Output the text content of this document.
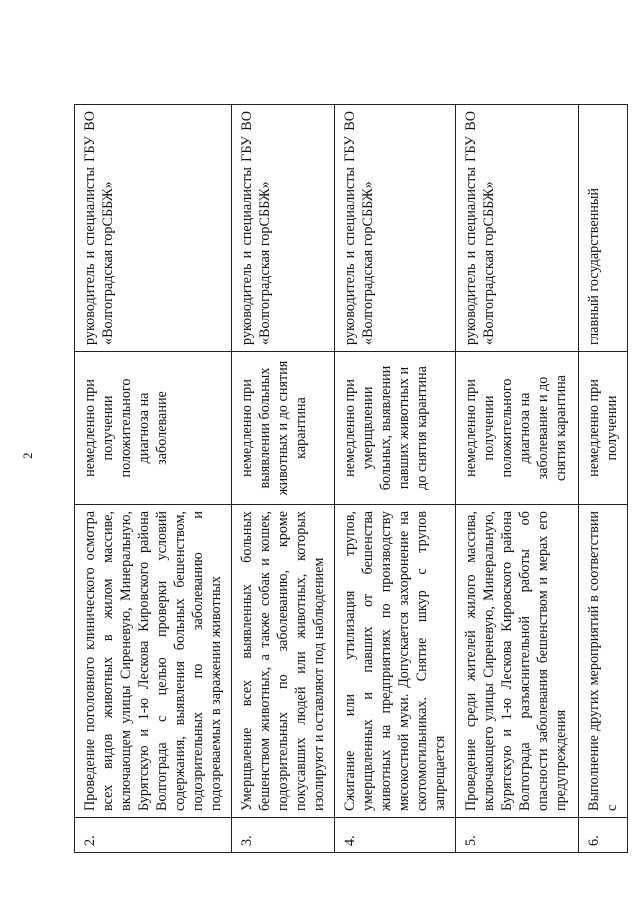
2
2.	Проведение поголовного клинического осмотра всех видов животных в жилом массиве, включающем улицы Сиреневую, Минеральную, Бурятскую и 1-ю Лескова Кировского района Волгограда с целью проверки условий содержания, выявления больных бешенством, подозрительных по заболеванию и подозреваемых в заражении животных	немедленно при получении положительного диагноза на заболевание	руководитель и специалисты ГБУ ВО «Волгоградская горСББЖ»
3.	Умерщвление всех выявленных больных бешенством животных, а также собак и кошек, подозрительных по заболеванию, кроме покусавших людей или животных, которых изолируют и оставляют под наблюдением	немедленно при выявлении больных животных и до снятия карантина	руководитель и специалисты ГБУ ВО «Волгоградская горСББЖ»
4.	Сжигание или утилизация трупов, умерщвленных и павших от бешенства животных на предприятиях по производству мясокостной муки. Допускается захоронение на скотомогильниках. Снятие шкур с трупов запрещается	немедленно при умерщвлении больных, выявлении павших животных и до снятия карантина	руководитель и специалисты ГБУ ВО «Волгоградская горСББЖ»
5.	Проведение среди жителей жилого массива, включающего улицы Сиреневую, Минеральную, Бурятскую и 1-ю Лескова Кировского района Волгограда разъяснительной работы об опасности заболевания бешенством и мерах его предупреждения	немедленно при получении положительного диагноза на заболевание и до снятия карантина	руководитель и специалисты ГБУ ВО «Волгоградская горСББЖ»
6.	Выполнение других мероприятий в соответствии с	немедленно при получении	главный государственный
